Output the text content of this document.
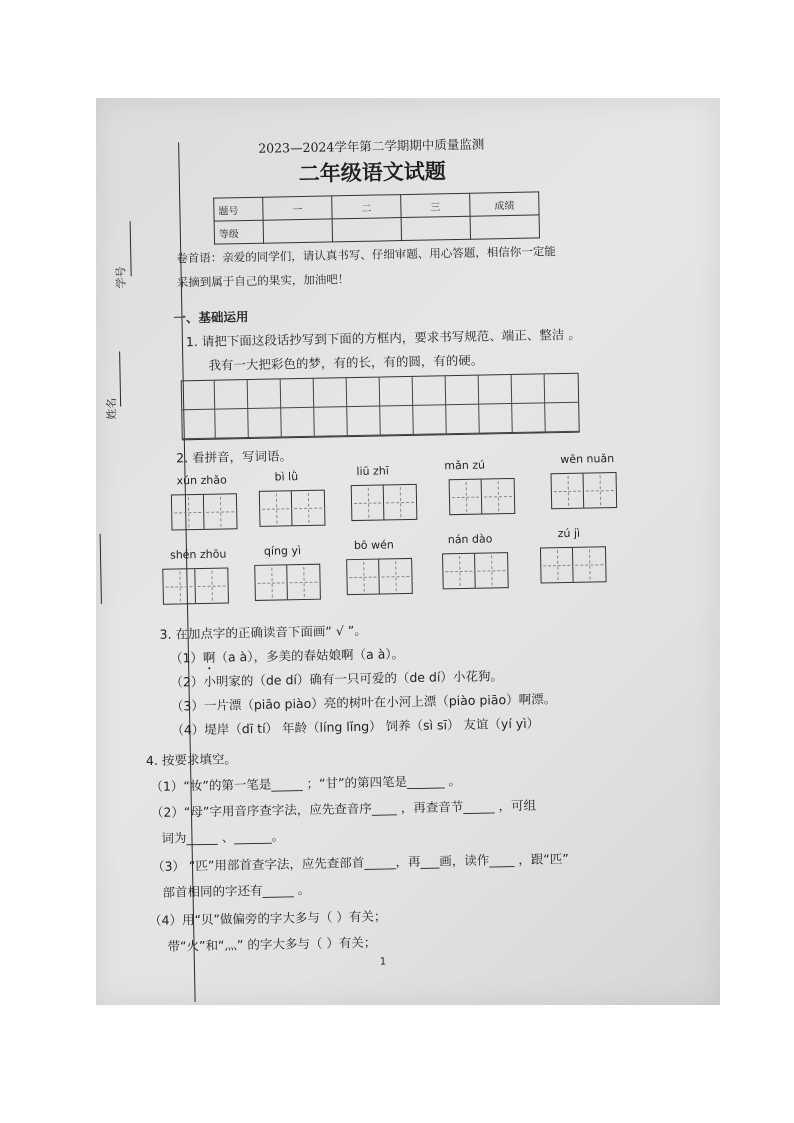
学号
姓名
2023—2024学年第二学期期中质量监测
二年级语文试题
题号	一	二	三	成绩
等级				
卷首语：亲爱的同学们，请认真书写、仔细审题、用心答题，相信你一定能
采摘到属于自己的果实，加油吧！
一、基础运用
1. 请把下面这段话抄写到下面的方框内，要求书写规范、端正、整洁 。
我有一大把彩色的梦，有的长，有的圆，有的硬。
2. 看拼音，写词语。
xún zhǎo	bì lǜ	liū zhī	mǎn zú	wēn nuǎn
shén zhōu	qíng yì	bō wén	nán dào	zú jì
3. 在加点字的正确读音下面画“ √ ”。
（1）啊（a à），多美的春姑娘啊（a à）。
（2）小明家的（de dí）确有一只可爱的（de dí）小花狗。
（3）一片漂（piāo piào）亮的树叶在小河上漂（piào piāo）啊漂。
（4）堤岸（dī tí） 年龄（líng lǐng） 饲养（sì sī） 友谊（yí yì）
4. 按要求填空。
（1）“妆”的第一笔是_____ ；“甘”的第四笔是______ 。
（2）“母”字用音序查字法，应先查音序____ ，再查音节_____ ，可组
词为_____ 、______。
（3） “匹”用部首查字法，应先查部首_____，再___画，读作____ ，跟“匹”
部首相同的字还有_____ 。
（4）用“贝”做偏旁的字大多与（ ）有关；
带“火”和“灬” 的字大多与（ ）有关；
1
